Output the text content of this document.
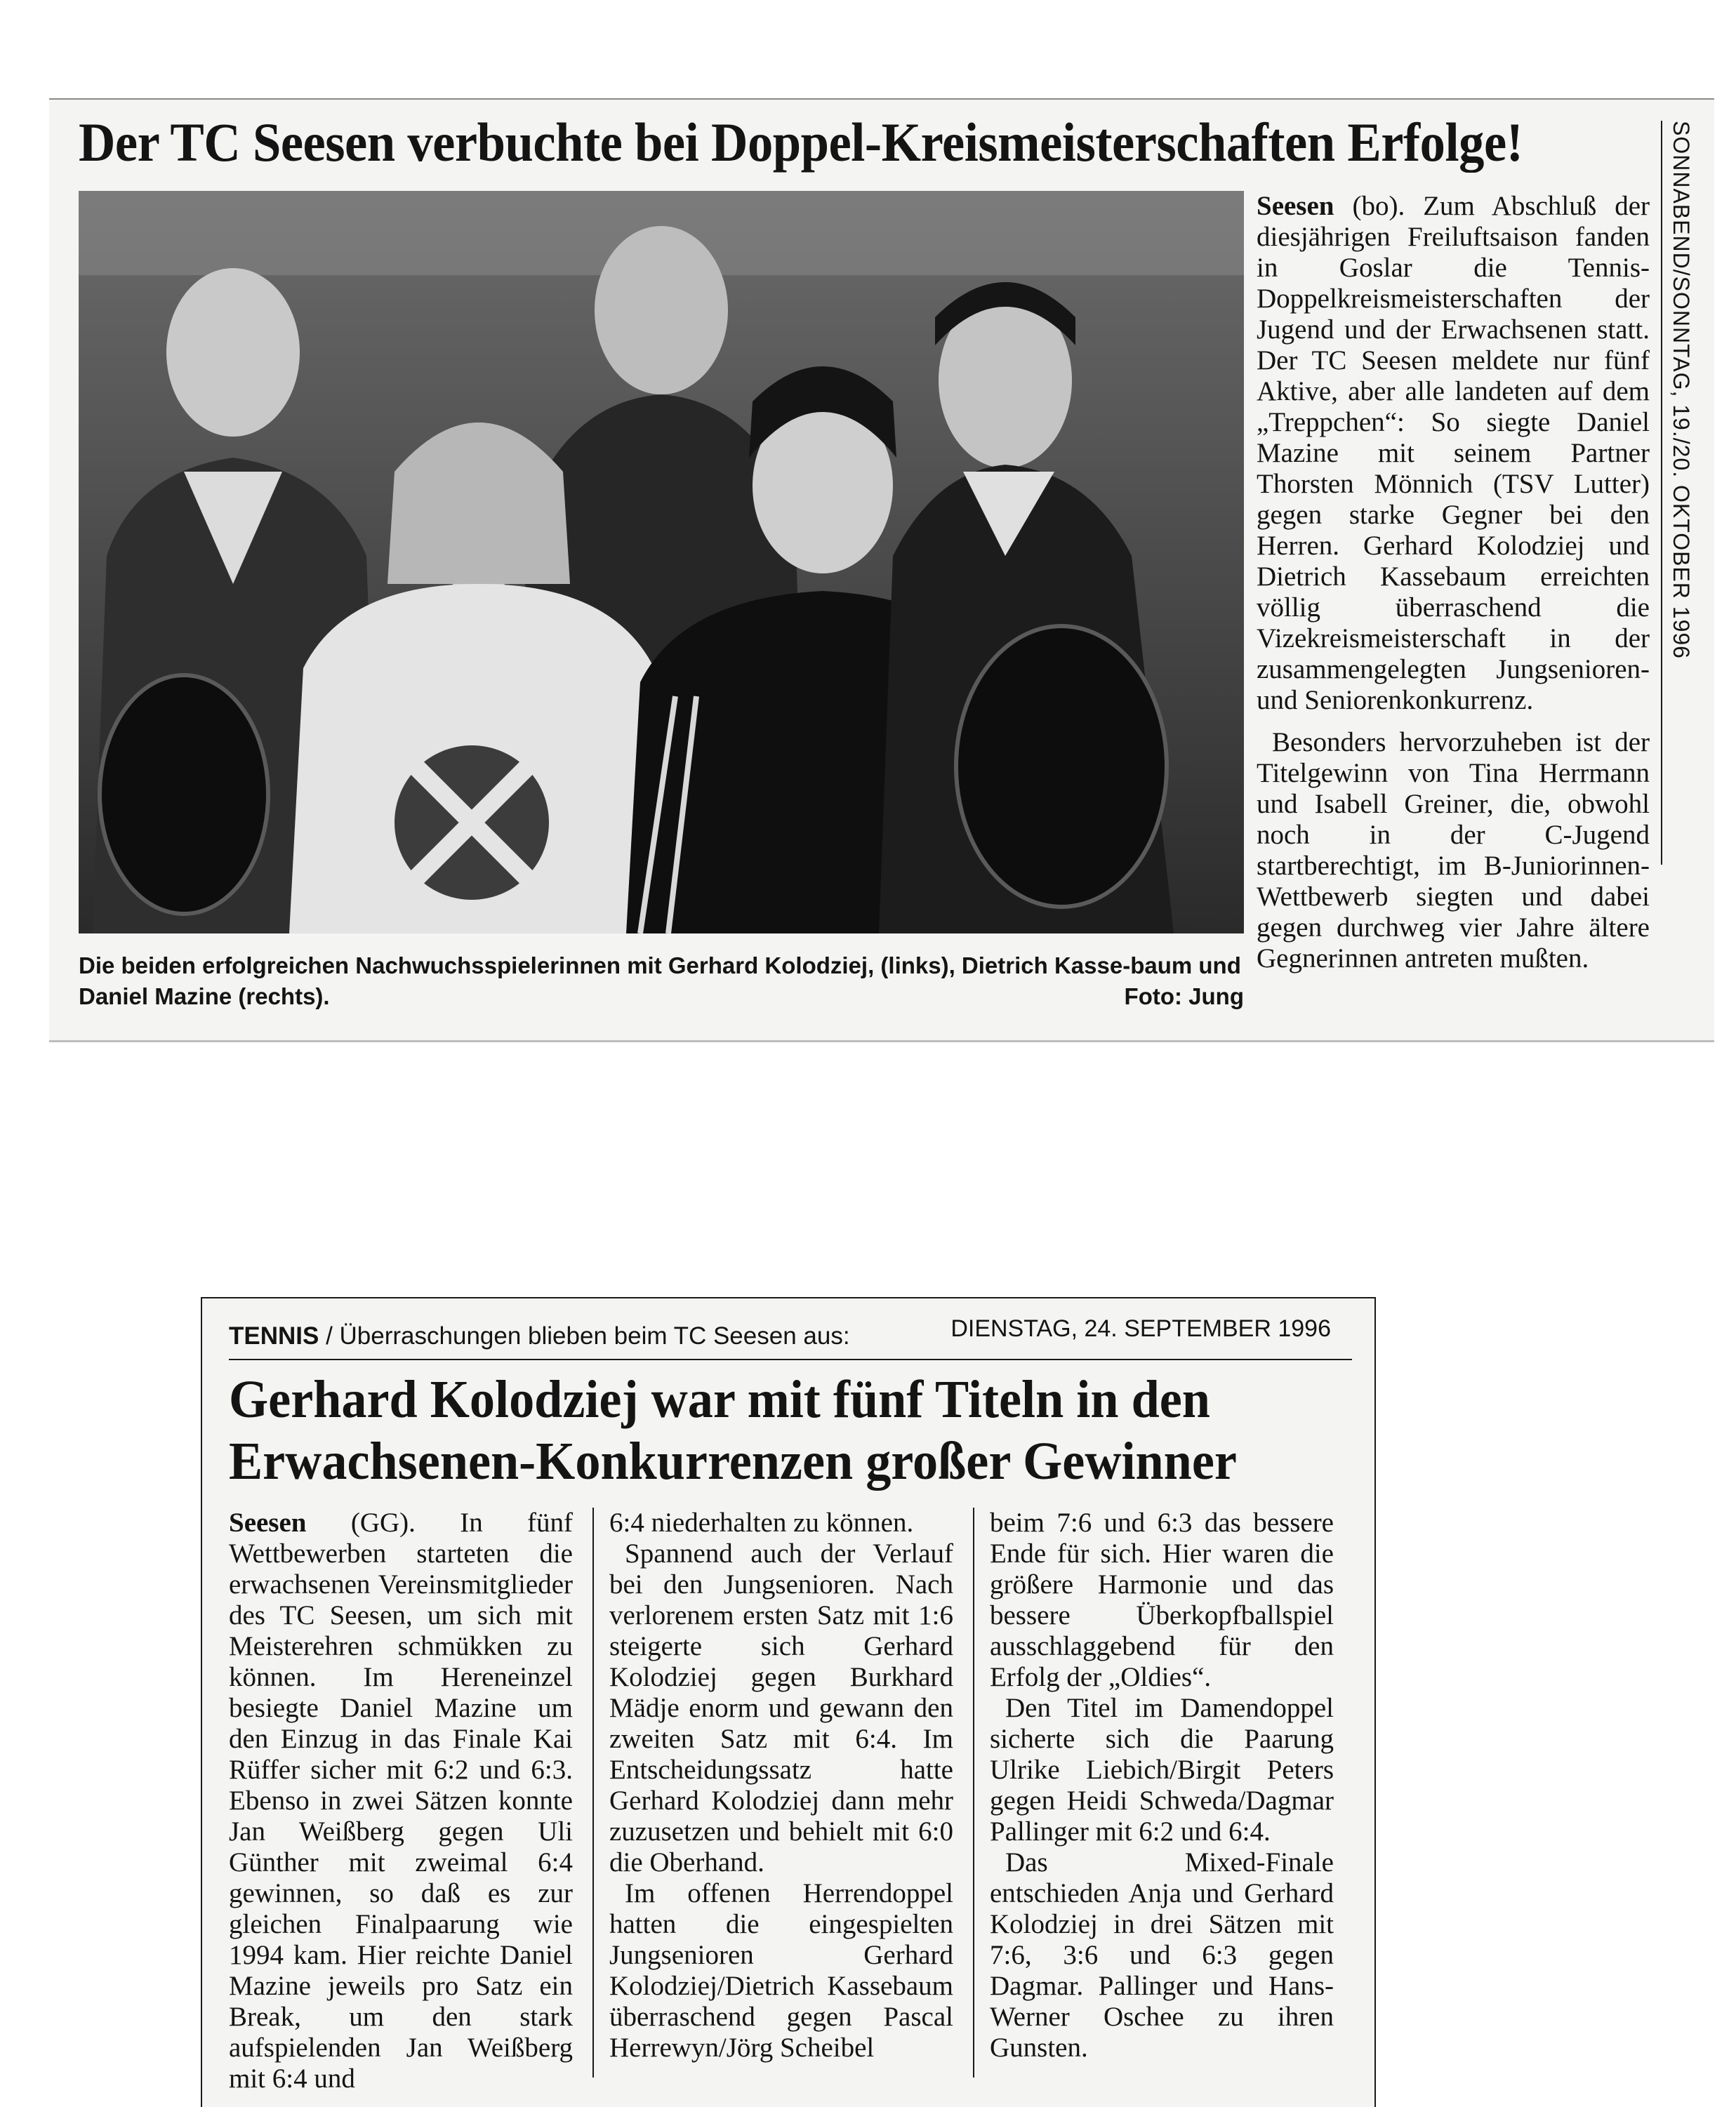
Der TC Seesen verbuchte bei Doppel-Kreismeisterschaften Erfolge!

Die beiden erfolgreichen Nachwuchsspielerinnen mit Gerhard Kolodziej, (links), Dietrich Kasse-baum und Daniel Mazine (rechts).	Foto: Jung

Seesen (bo). Zum Abschluß der diesjährigen Freiluftsaison fanden in Goslar die Tennis-Doppelkreismeisterschaften der Jugend und der Erwachsenen statt. Der TC Seesen meldete nur fünf Aktive, aber alle landeten auf dem „Treppchen“: So siegte Daniel Mazine mit seinem Partner Thorsten Mönnich (TSV Lutter) gegen starke Gegner bei den Herren. Gerhard Kolodziej und Dietrich Kassebaum erreichten völlig überraschend die Vizekreismeisterschaft in der zusammengelegten Jungsenioren- und Seniorenkonkurrenz.

Besonders hervorzuheben ist der Titelgewinn von Tina Herrmann und Isabell Greiner, die, obwohl noch in der C-Jugend startberechtigt, im B-Juniorinnen-Wettbewerb siegten und dabei gegen durchweg vier Jahre ältere Gegnerinnen antreten mußten.

SONNABEND/SONNTAG, 19./20. OKTOBER 1996
TENNIS / Überraschungen blieben beim TC Seesen aus:	DIENSTAG, 24. SEPTEMBER 1996
Gerhard Kolodziej war mit fünf Titeln in den Erwachsenen-Konkurrenzen großer Gewinner

Seesen (GG). In fünf Wettbewerben starteten die erwachsenen Vereinsmitglieder des TC Seesen, um sich mit Meisterehren schmükken zu können. Im Hereneinzel besiegte Daniel Mazine um den Einzug in das Finale Kai Rüffer sicher mit 6:2 und 6:3. Ebenso in zwei Sätzen konnte Jan Weißberg gegen Uli Günther mit zweimal 6:4 gewinnen, so daß es zur gleichen Finalpaarung wie 1994 kam. Hier reichte Daniel Mazine jeweils pro Satz ein Break, um den stark aufspielenden Jan Weißberg mit 6:4 und

6:4 niederhalten zu können.

Spannend auch der Verlauf bei den Jungsenioren. Nach verlorenem ersten Satz mit 1:6 steigerte sich Gerhard Kolodziej gegen Burkhard Mädje enorm und gewann den zweiten Satz mit 6:4. Im Entscheidungssatz hatte Gerhard Kolodziej dann mehr zuzusetzen und behielt mit 6:0 die Oberhand.

Im offenen Herrendoppel hatten die eingespielten Jungsenioren Gerhard Kolodziej/Dietrich Kassebaum überraschend gegen Pascal Herrewyn/Jörg Scheibel

beim 7:6 und 6:3 das bessere Ende für sich. Hier waren die größere Harmonie und das bessere Überkopfballspiel ausschlaggebend für den Erfolg der „Oldies“.

Den Titel im Damendoppel sicherte sich die Paarung Ulrike Liebich/Birgit Peters gegen Heidi Schweda/Dagmar Pallinger mit 6:2 und 6:4.

Das Mixed-Finale entschieden Anja und Gerhard Kolodziej in drei Sätzen mit 7:6, 3:6 und 6:3 gegen Dagmar. Pallinger und Hans-Werner Oschee zu ihren Gunsten.
